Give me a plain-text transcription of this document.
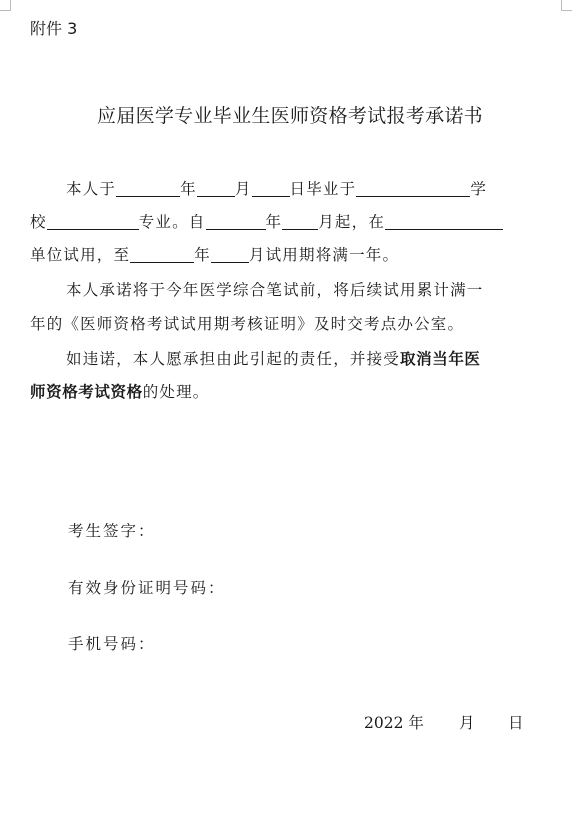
附件 3
应届医学专业毕业生医师资格考试报考承诺书
本人于	年 月 日毕业于	学
校	专业。自	年 月起，在
单位试用，至	年 月试用期将满一年。
本人承诺将于今年医学综合笔试前，将后续试用累计满一
年的《医师资格考试试用期考核证明》及时交考点办公室。
如违诺，本人愿承担由此引起的责任，并接受取消当年医
师资格考试资格的处理。
考生签字：
有效身份证明号码：
手机号码：
2022 年 月 日
